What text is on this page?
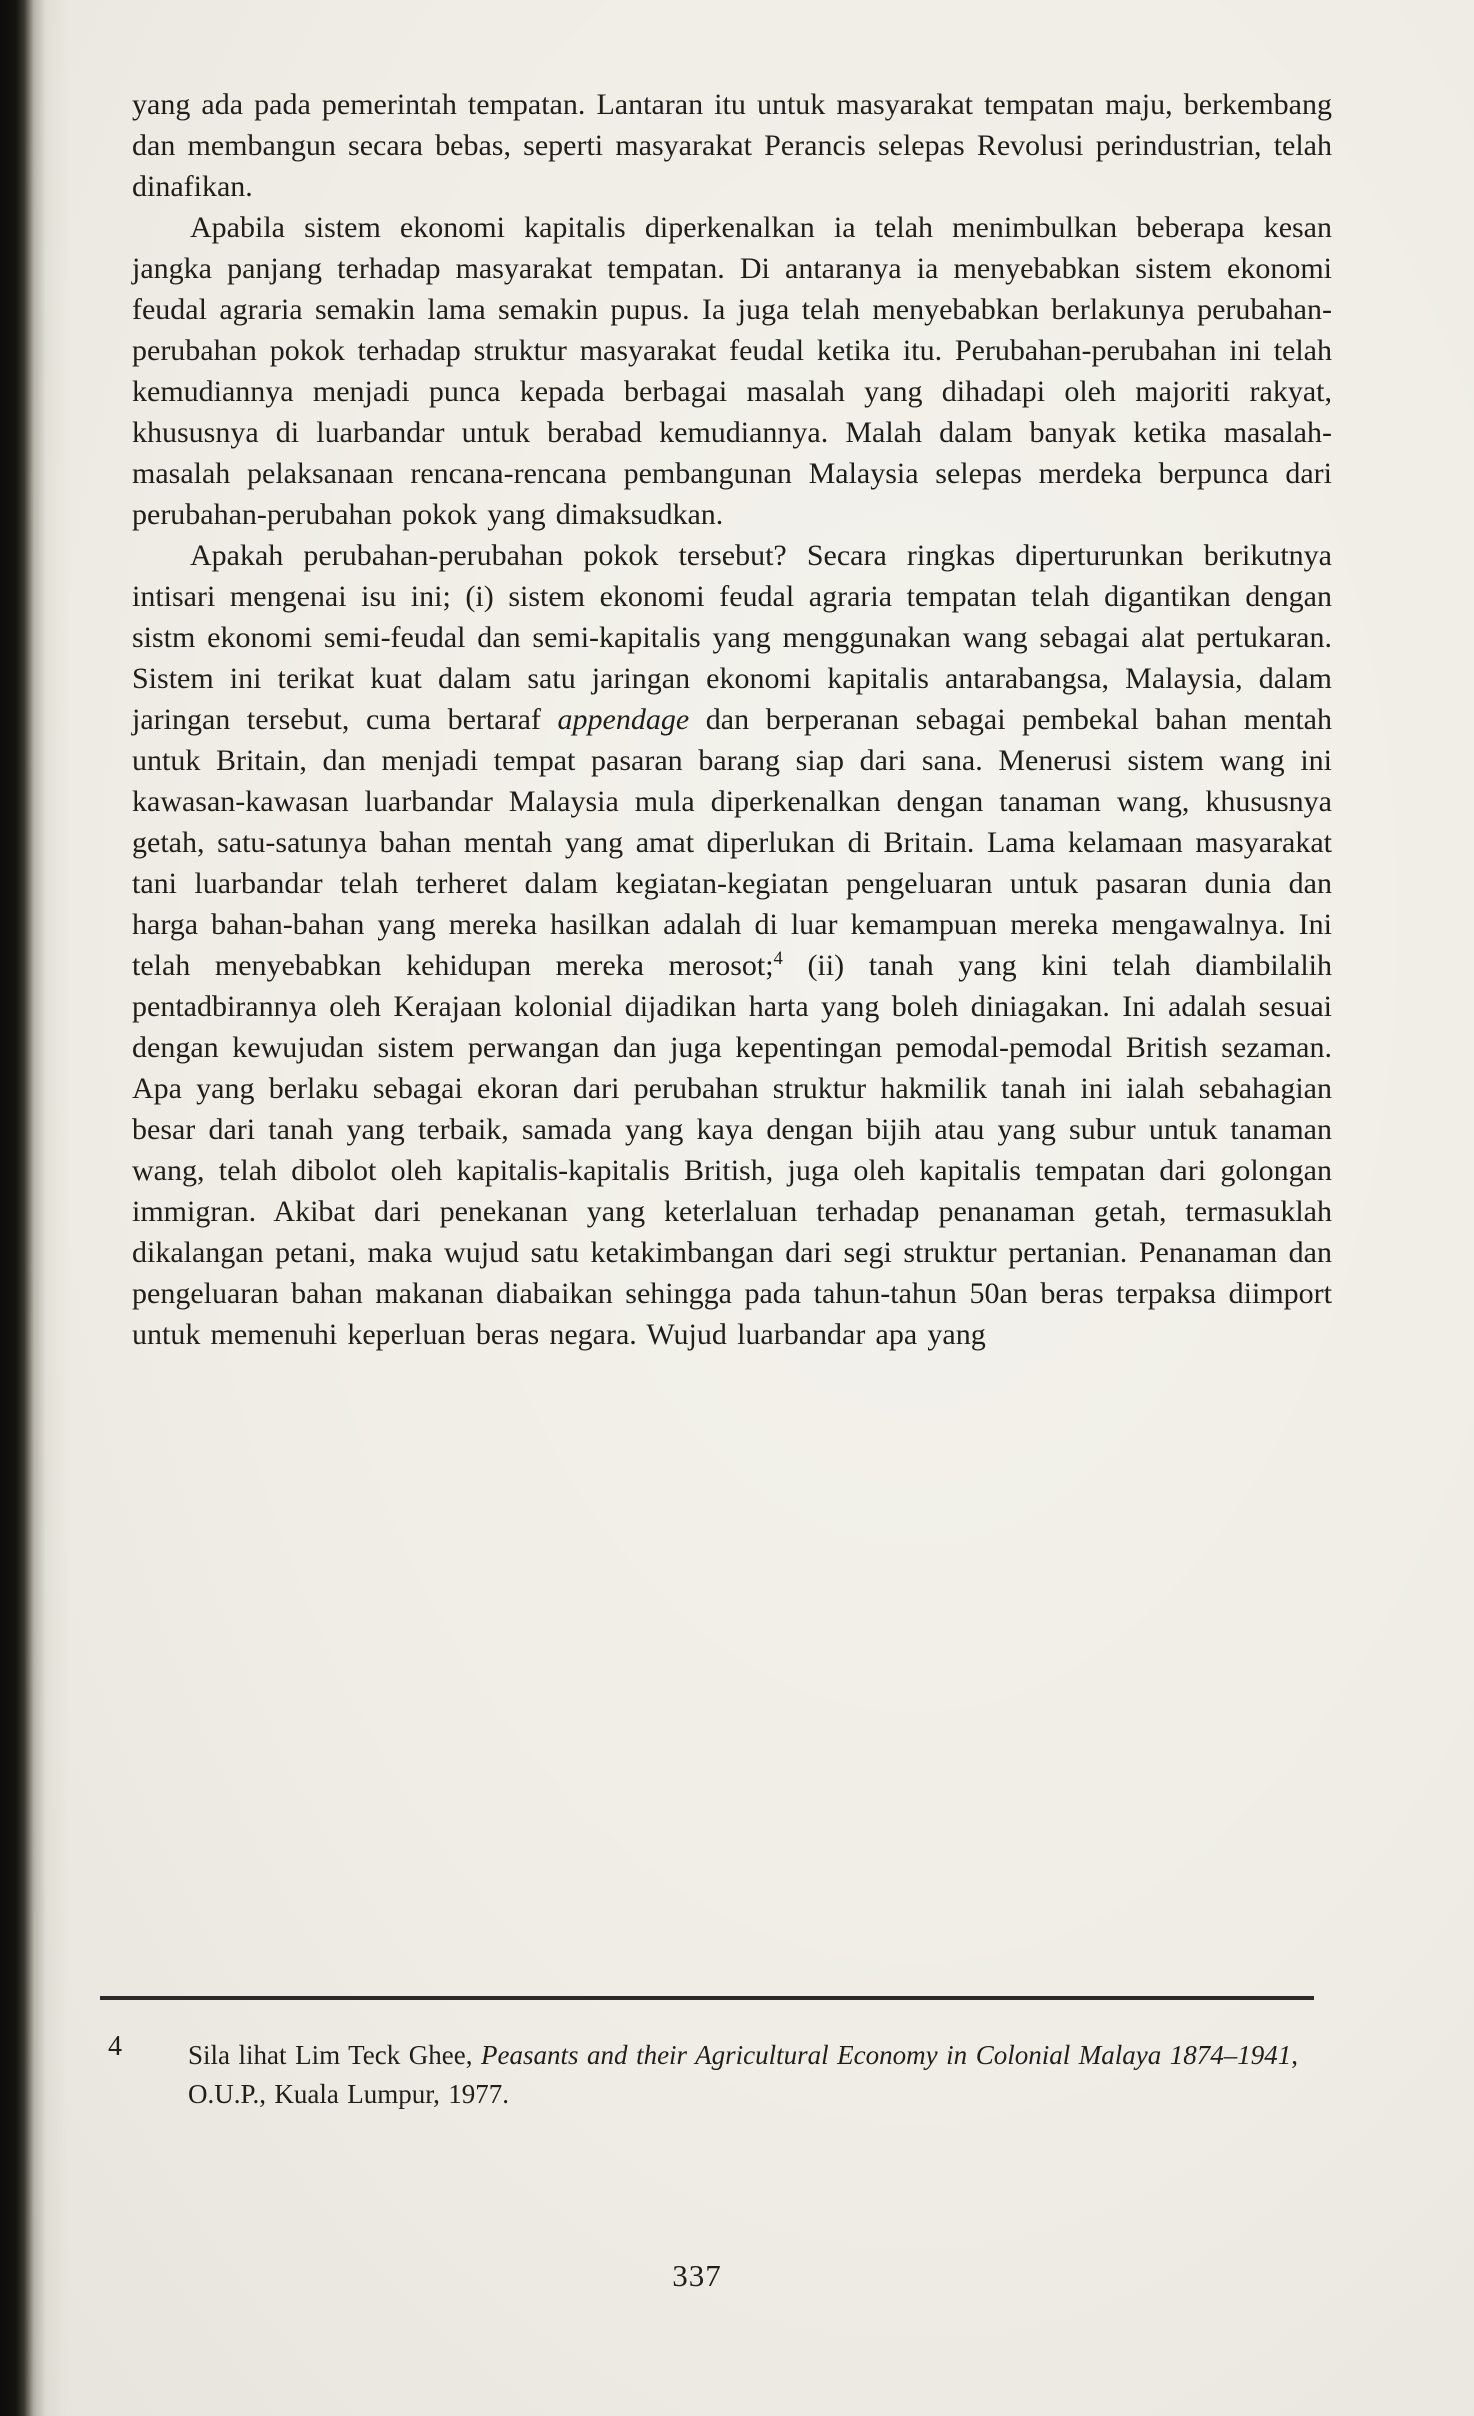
yang ada pada pemerintah tempatan. Lantaran itu untuk masyarakat tempatan maju, berkembang dan membangun secara bebas, seperti masyarakat Perancis selepas Revolusi perindustrian, telah dinafikan.

Apabila sistem ekonomi kapitalis diperkenalkan ia telah menimbulkan beberapa kesan jangka panjang terhadap masyarakat tempatan. Di antaranya ia menyebabkan sistem ekonomi feudal agraria semakin lama semakin pupus. Ia juga telah menyebabkan berlakunya perubahan-perubahan pokok terhadap struktur masyarakat feudal ketika itu. Perubahan-perubahan ini telah kemudiannya menjadi punca kepada berbagai masalah yang dihadapi oleh majoriti rakyat, khususnya di luarbandar untuk berabad kemudiannya. Malah dalam banyak ketika masalah-masalah pelaksanaan rencana-rencana pembangunan Malaysia selepas merdeka berpunca dari perubahan-perubahan pokok yang dimaksudkan.

Apakah perubahan-perubahan pokok tersebut? Secara ringkas diperturunkan berikutnya intisari mengenai isu ini; (i) sistem ekonomi feudal agraria tempatan telah digantikan dengan sistm ekonomi semi-feudal dan semi-kapitalis yang menggunakan wang sebagai alat pertukaran. Sistem ini terikat kuat dalam satu jaringan ekonomi kapitalis antarabangsa, Malaysia, dalam jaringan tersebut, cuma bertaraf appendage dan berperanan sebagai pembekal bahan mentah untuk Britain, dan menjadi tempat pasaran barang siap dari sana. Menerusi sistem wang ini kawasan-kawasan luarbandar Malaysia mula diperkenalkan dengan tanaman wang, khususnya getah, satu-satunya bahan mentah yang amat diperlukan di Britain. Lama kelamaan masyarakat tani luarbandar telah terheret dalam kegiatan-kegiatan pengeluaran untuk pasaran dunia dan harga bahan-bahan yang mereka hasilkan adalah di luar kemampuan mereka mengawalnya. Ini telah menyebabkan kehidupan mereka merosot;$^4$ (ii) tanah yang kini telah diambilalih pentadbirannya oleh Kerajaan kolonial dijadikan harta yang boleh diniagakan. Ini adalah sesuai dengan kewujudan sistem perwangan dan juga kepentingan pemodal-pemodal British sezaman. Apa yang berlaku sebagai ekoran dari perubahan struktur hakmilik tanah ini ialah sebahagian besar dari tanah yang terbaik, samada yang kaya dengan bijih atau yang subur untuk tanaman wang, telah dibolot oleh kapitalis-kapitalis British, juga oleh kapitalis tempatan dari golongan immigran. Akibat dari penekanan yang keterlaluan terhadap penanaman getah, termasuklah dikalangan petani, maka wujud satu ketakimbangan dari segi struktur pertanian. Penanaman dan pengeluaran bahan makanan diabaikan sehingga pada tahun-tahun 50an beras terpaksa diimport untuk memenuhi keperluan beras negara. Wujud luarbandar apa yang

4	Sila lihat Lim Teck Ghee, Peasants and their Agricultural Economy in Colonial Malaya 1874–1941, O.U.P., Kuala Lumpur, 1977.
337
